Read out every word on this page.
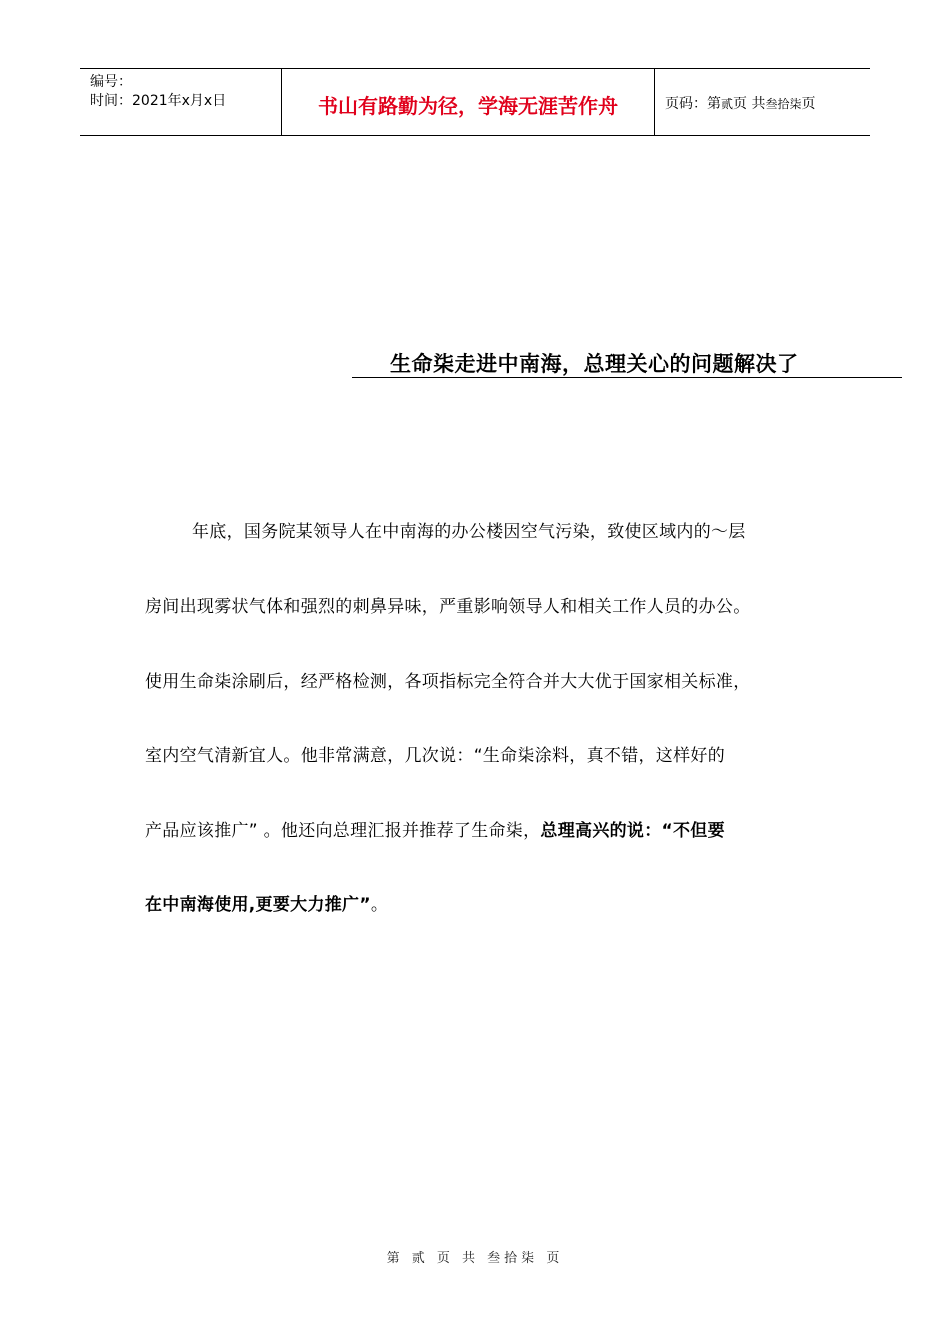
编号：
时间：2021年x月x日	书山有路勤为径，学海无涯苦作舟	页码：第 贰 页 共 叁拾柒 页
生命柒走进中南海，总理关心的问题解决了
年底，国务院某领导人在中南海的办公楼因空气污染，致使区域内的～层
房间出现雾状气体和强烈的刺鼻异味，严重影响领导人和相关工作人员的办公。
使用生命柒涂刷后，经严格检测，各项指标完全符合并大大优于国家相关标准，
室内空气清新宜人。他非常满意，几次说：“生命柒涂料，真不错，这样好的
产品应该推广” 。他还向总理汇报并推荐了生命柒，总理高兴的说：“不但要
在中南海使用,更要大力推广”。
第 贰 页 共 叁拾柒 页
